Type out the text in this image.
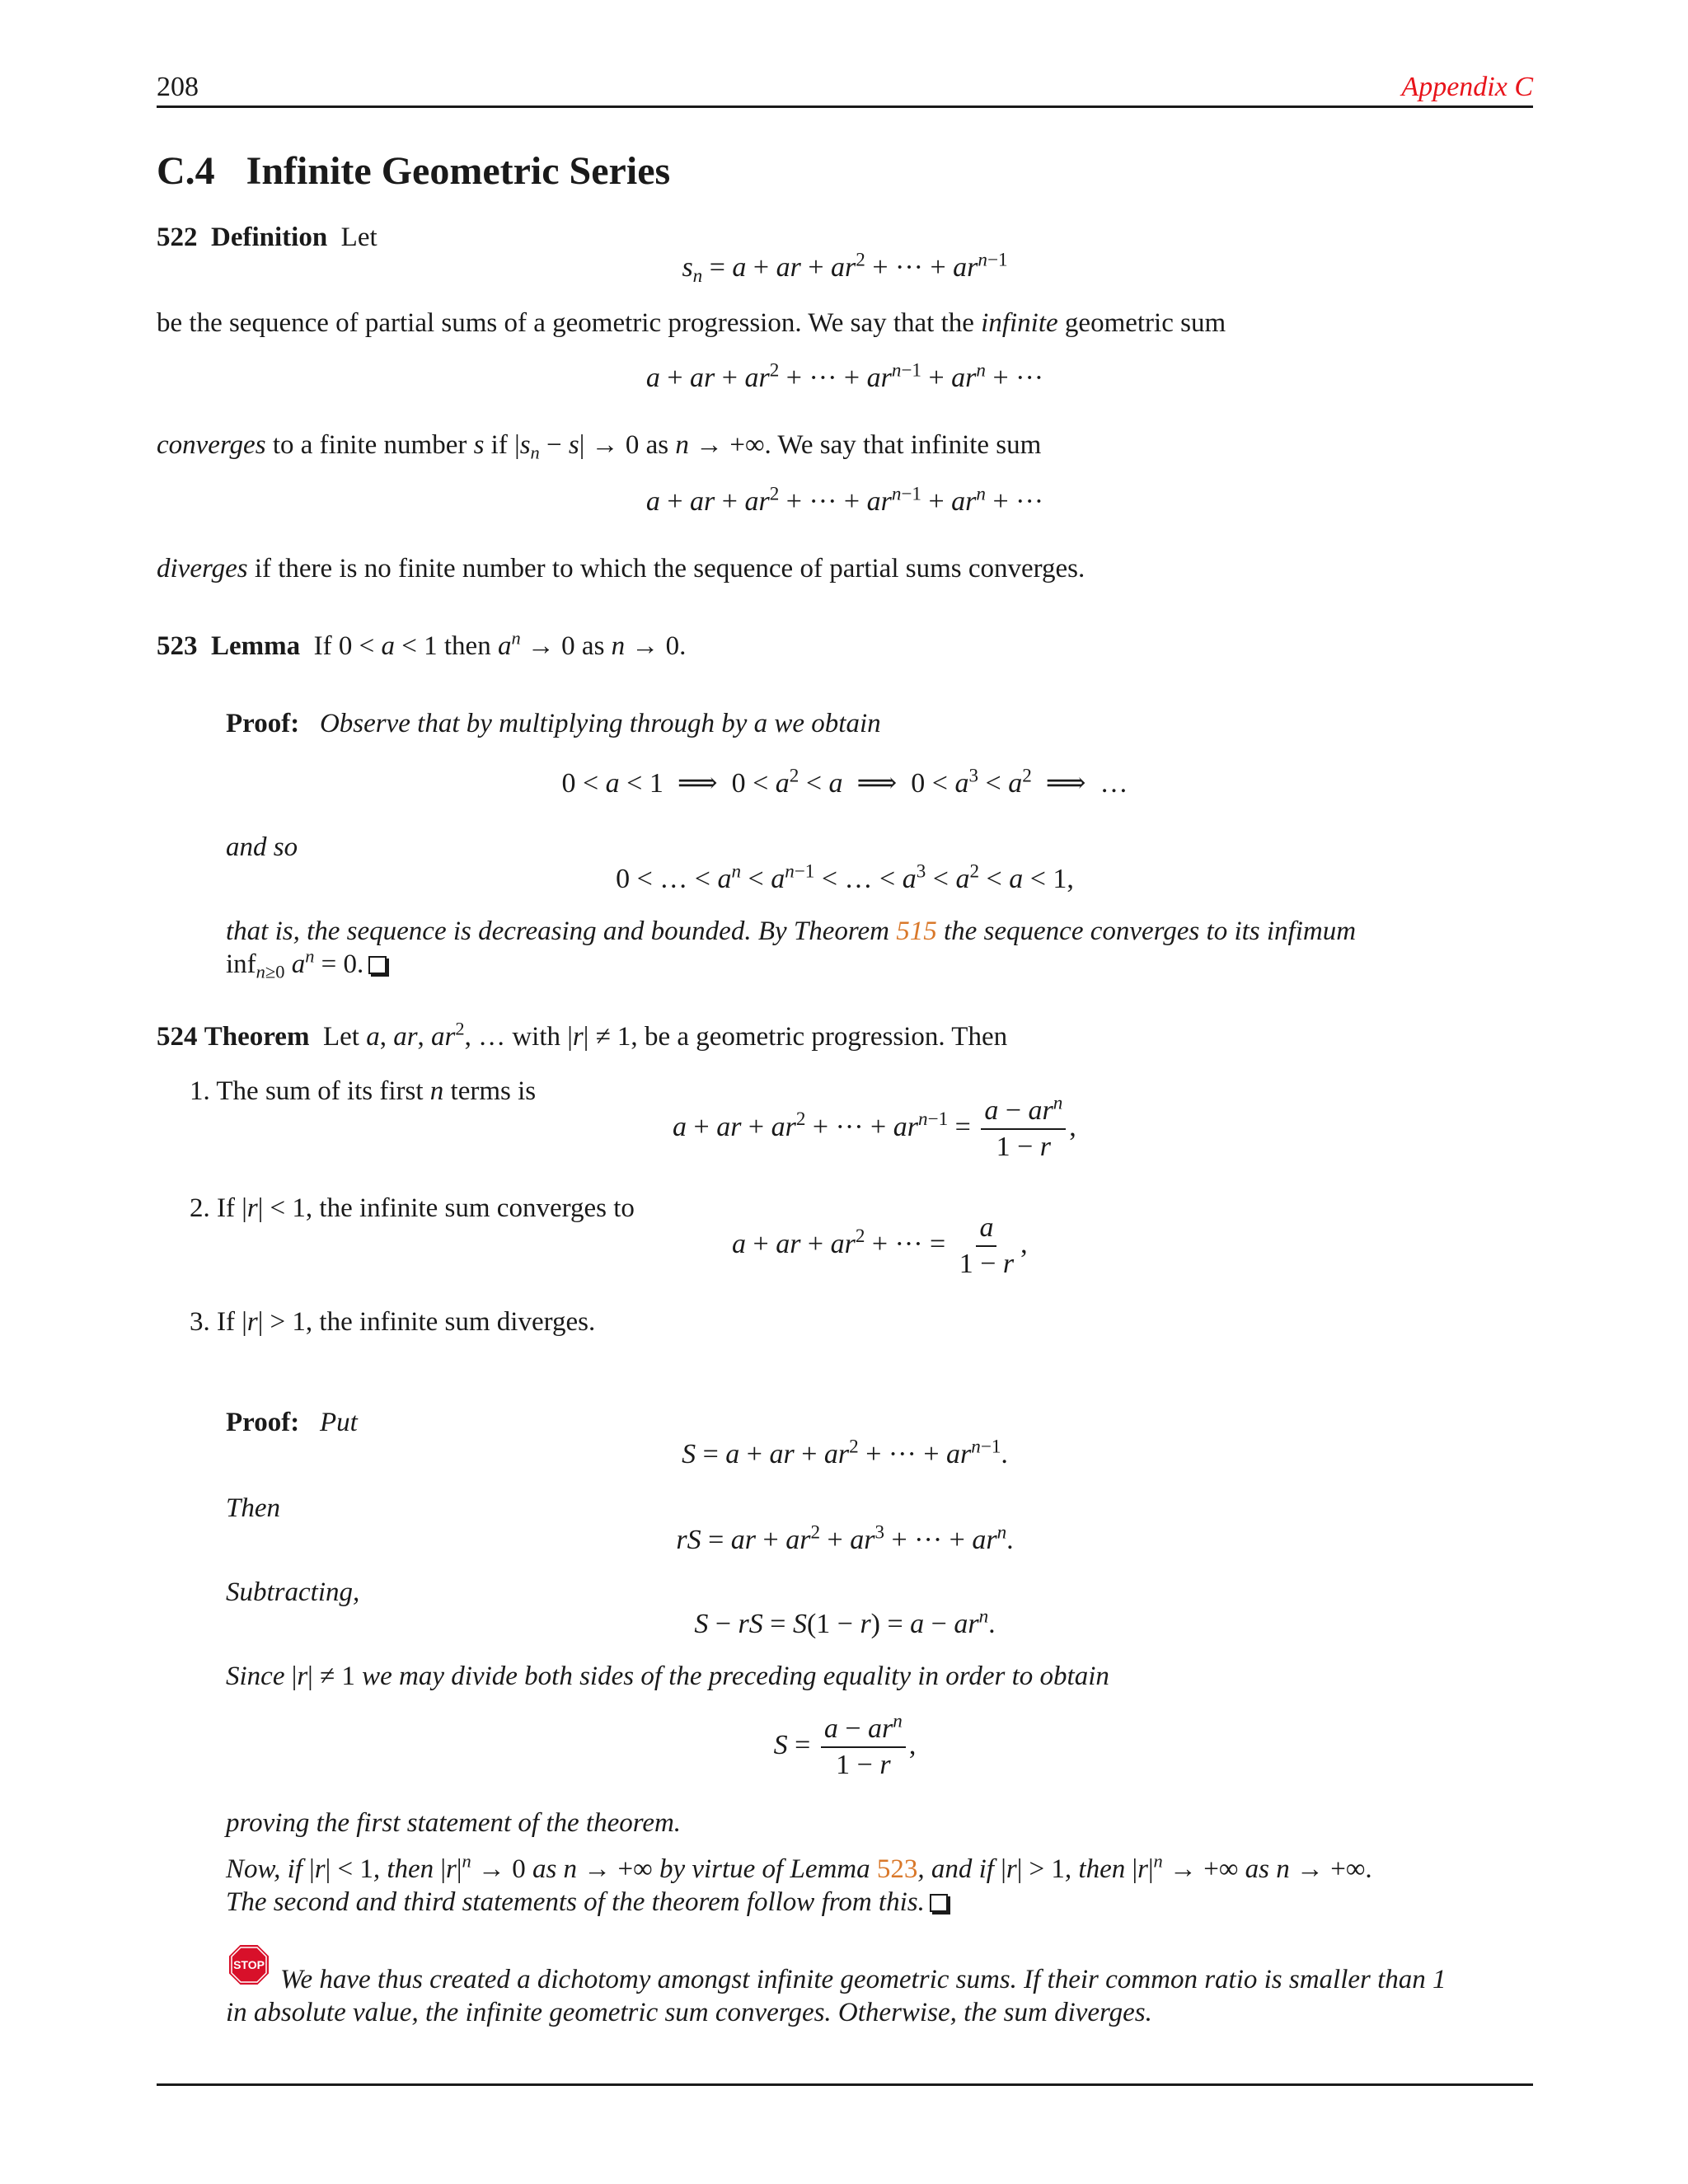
208	Appendix C
C.4 Infinite Geometric Series
522 Definition Let
$s_n = a$ + ar + $ar^2$ + ··· + $ar^{n-1}$
be the sequence of partial sums of a geometric progression. We say that the infinite geometric sum
a + ar + $ar^2$ + ··· + $ar^{n-1} + ar^n$ + ···
converges to a finite number s if $|s_n - s| \to 0$ as n → +∞. We say that infinite sum
a + ar + $ar^2$ + ··· + $ar^{n-1} + ar^n$ + ···
diverges if there is no finite number to which the sequence of partial sums converges.
523 Lemma If 0 < a < 1 then $a^n \to 0$ as n → 0.
Proof: Observe that by multiplying through by a we obtain
0 < a < 1  ⟹  $0 < a^2 < a$  ⟹  $0 < a^3 < a^2$  ⟹  …
and so
0 < … < $a^n < a^{n-1}$ < … < $a^3 < a^2 < a < 1$,
that is, the sequence is decreasing and bounded. By Theorem 515 the sequence converges to its infimum
inf$_{n\ge 0}$ $a^n = 0$.
524 Theorem Let a, ar, $ar^2$, … with |r| ≠ 1, be a geometric progression. Then
1. The sum of its first n terms is
a + ar + $ar^2$ + ··· + $ar^{n-1} = \frac{a - ar^n}{1 - r}$ ,
2. If |r| < 1, the infinite sum converges to
a + ar + $ar^2$ + ··· = $\frac{a}{1 - r}$ ,
3. If |r| > 1, the infinite sum diverges.
Proof: Put
S = a + ar + $ar^2$ + ··· + $ar^{n-1}$.
Then
rS = ar + $ar^2 + ar^3$ + ··· + $ar^n$.
Subtracting,
S − rS = $S(1 - r) = a - ar^n$.
Since |r| ≠ 1 we may divide both sides of the preceding equality in order to obtain
$S = \frac{a - ar^n}{1 - r}$ ,
proving the first statement of the theorem.
Now, if |r| < 1, then $|r|^n \to 0$ as n → +∞ by virtue of Lemma 523, and if |r| > 1, then $|r|^n$ → +∞ as n → +∞.
The second and third statements of the theorem follow from this.
STOP We have thus created a dichotomy amongst infinite geometric sums. If their common ratio is smaller than 1
in absolute value, the infinite geometric sum converges. Otherwise, the sum diverges.
